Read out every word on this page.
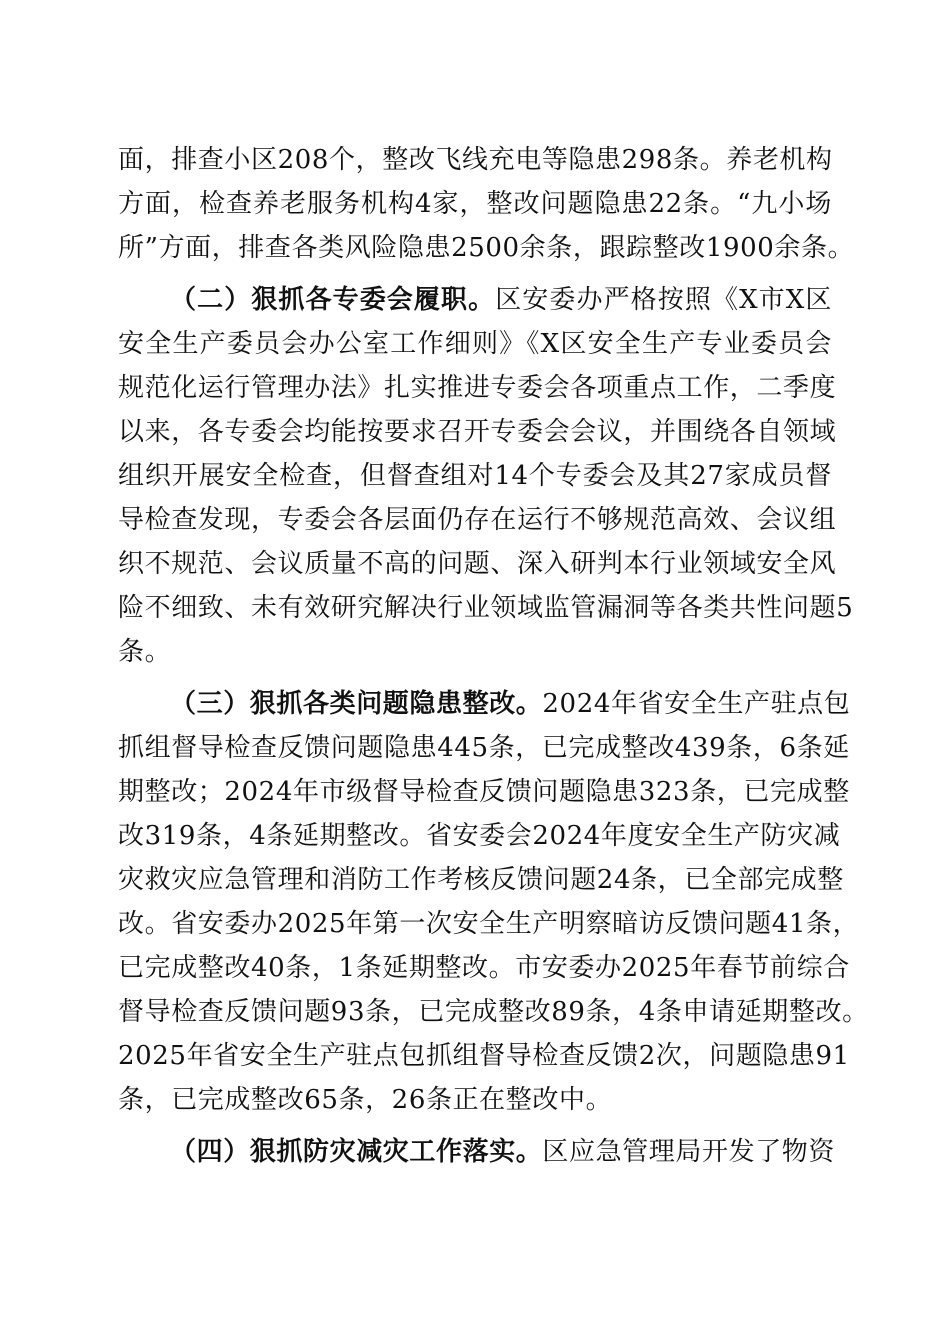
面，排查小区208个，整改飞线充电等隐患298条。养老机构
方面，检查养老服务机构4家，整改问题隐患22条。“九小场
所”方面，排查各类风险隐患2500余条，跟踪整改1900余条。
（二）狠抓各专委会履职。区安委办严格按照《X市X区
安全生产委员会办公室工作细则》《X区安全生产专业委员会
规范化运行管理办法》扎实推进专委会各项重点工作，二季度
以来，各专委会均能按要求召开专委会会议，并围绕各自领域
组织开展安全检查，但督查组对14个专委会及其27家成员督
导检查发现，专委会各层面仍存在运行不够规范高效、会议组
织不规范、会议质量不高的问题、深入研判本行业领域安全风
险不细致、未有效研究解决行业领域监管漏洞等各类共性问题5
条。
（三）狠抓各类问题隐患整改。2024年省安全生产驻点包
抓组督导检查反馈问题隐患445条，已完成整改439条，6条延
期整改；2024年市级督导检查反馈问题隐患323条，已完成整
改319条，4条延期整改。省安委会2024年度安全生产防灾减
灾救灾应急管理和消防工作考核反馈问题24条，已全部完成整
改。省安委办2025年第一次安全生产明察暗访反馈问题41条，
已完成整改40条，1条延期整改。市安委办2025年春节前综合
督导检查反馈问题93条，已完成整改89条，4条申请延期整改。
2025年省安全生产驻点包抓组督导检查反馈2次，问题隐患91
条，已完成整改65条，26条正在整改中。
（四）狠抓防灾减灾工作落实。区应急管理局开发了物资
